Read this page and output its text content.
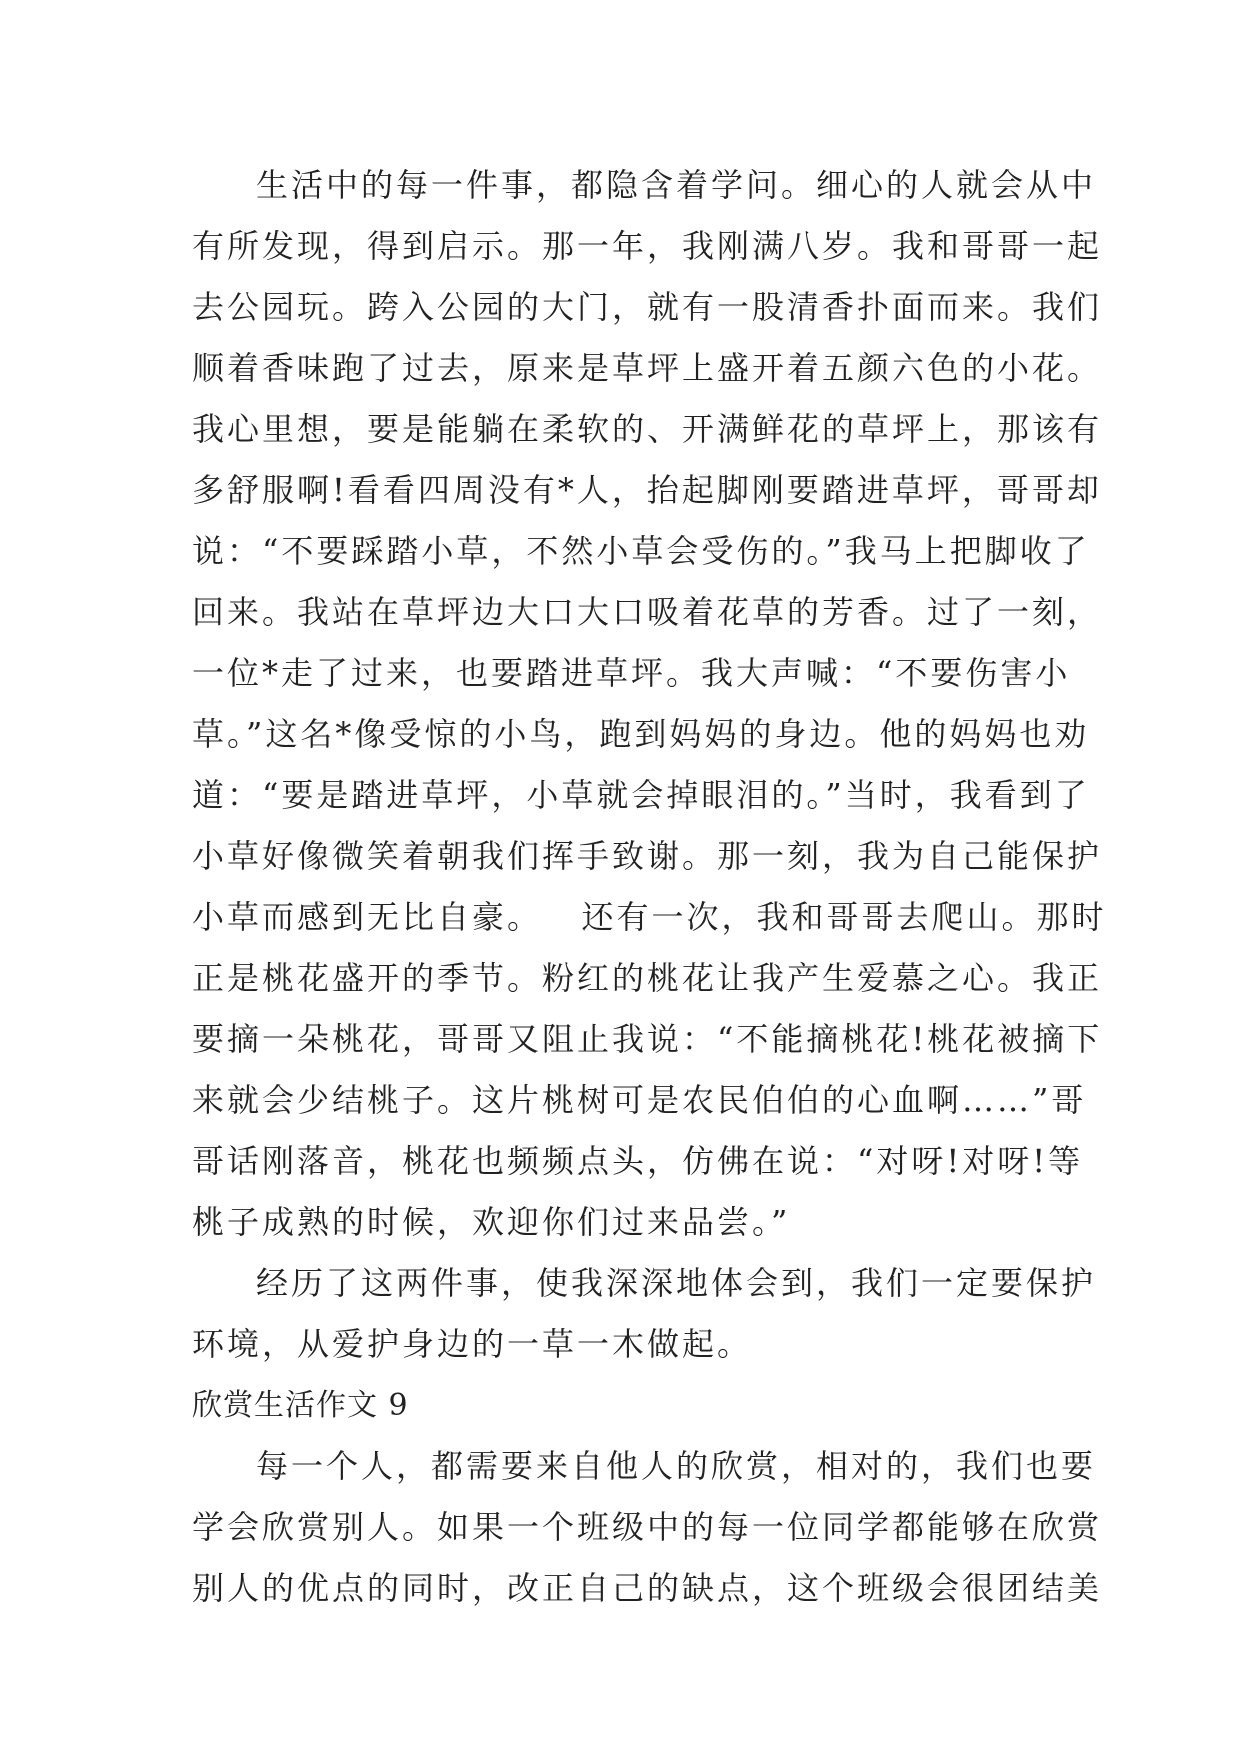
生活中的每一件事，都隐含着学问。细心的人就会从中
有所发现，得到启示。那一年，我刚满八岁。我和哥哥一起
去公园玩。跨入公园的大门，就有一股清香扑面而来。我们
顺着香味跑了过去，原来是草坪上盛开着五颜六色的小花。
我心里想，要是能躺在柔软的、开满鲜花的草坪上，那该有
多舒服啊!看看四周没有*人，抬起脚刚要踏进草坪，哥哥却
说：“不要踩踏小草，不然小草会受伤的。”我马上把脚收了
回来。我站在草坪边大口大口吸着花草的芳香。过了一刻，
一位*走了过来，也要踏进草坪。我大声喊：“不要伤害小
草。”这名*像受惊的小鸟，跑到妈妈的身边。他的妈妈也劝
道：“要是踏进草坪，小草就会掉眼泪的。”当时，我看到了
小草好像微笑着朝我们挥手致谢。那一刻，我为自己能保护
小草而感到无比自豪。   还有一次，我和哥哥去爬山。那时
正是桃花盛开的季节。粉红的桃花让我产生爱慕之心。我正
要摘一朵桃花，哥哥又阻止我说：“不能摘桃花!桃花被摘下
来就会少结桃子。这片桃树可是农民伯伯的心血啊……”哥
哥话刚落音，桃花也频频点头，仿佛在说：“对呀!对呀!等
桃子成熟的时候，欢迎你们过来品尝。”
经历了这两件事，使我深深地体会到，我们一定要保护
环境，从爱护身边的一草一木做起。
欣赏生活作文 9
每一个人，都需要来自他人的欣赏，相对的，我们也要
学会欣赏别人。如果一个班级中的每一位同学都能够在欣赏
别人的优点的同时，改正自己的缺点，这个班级会很团结美
